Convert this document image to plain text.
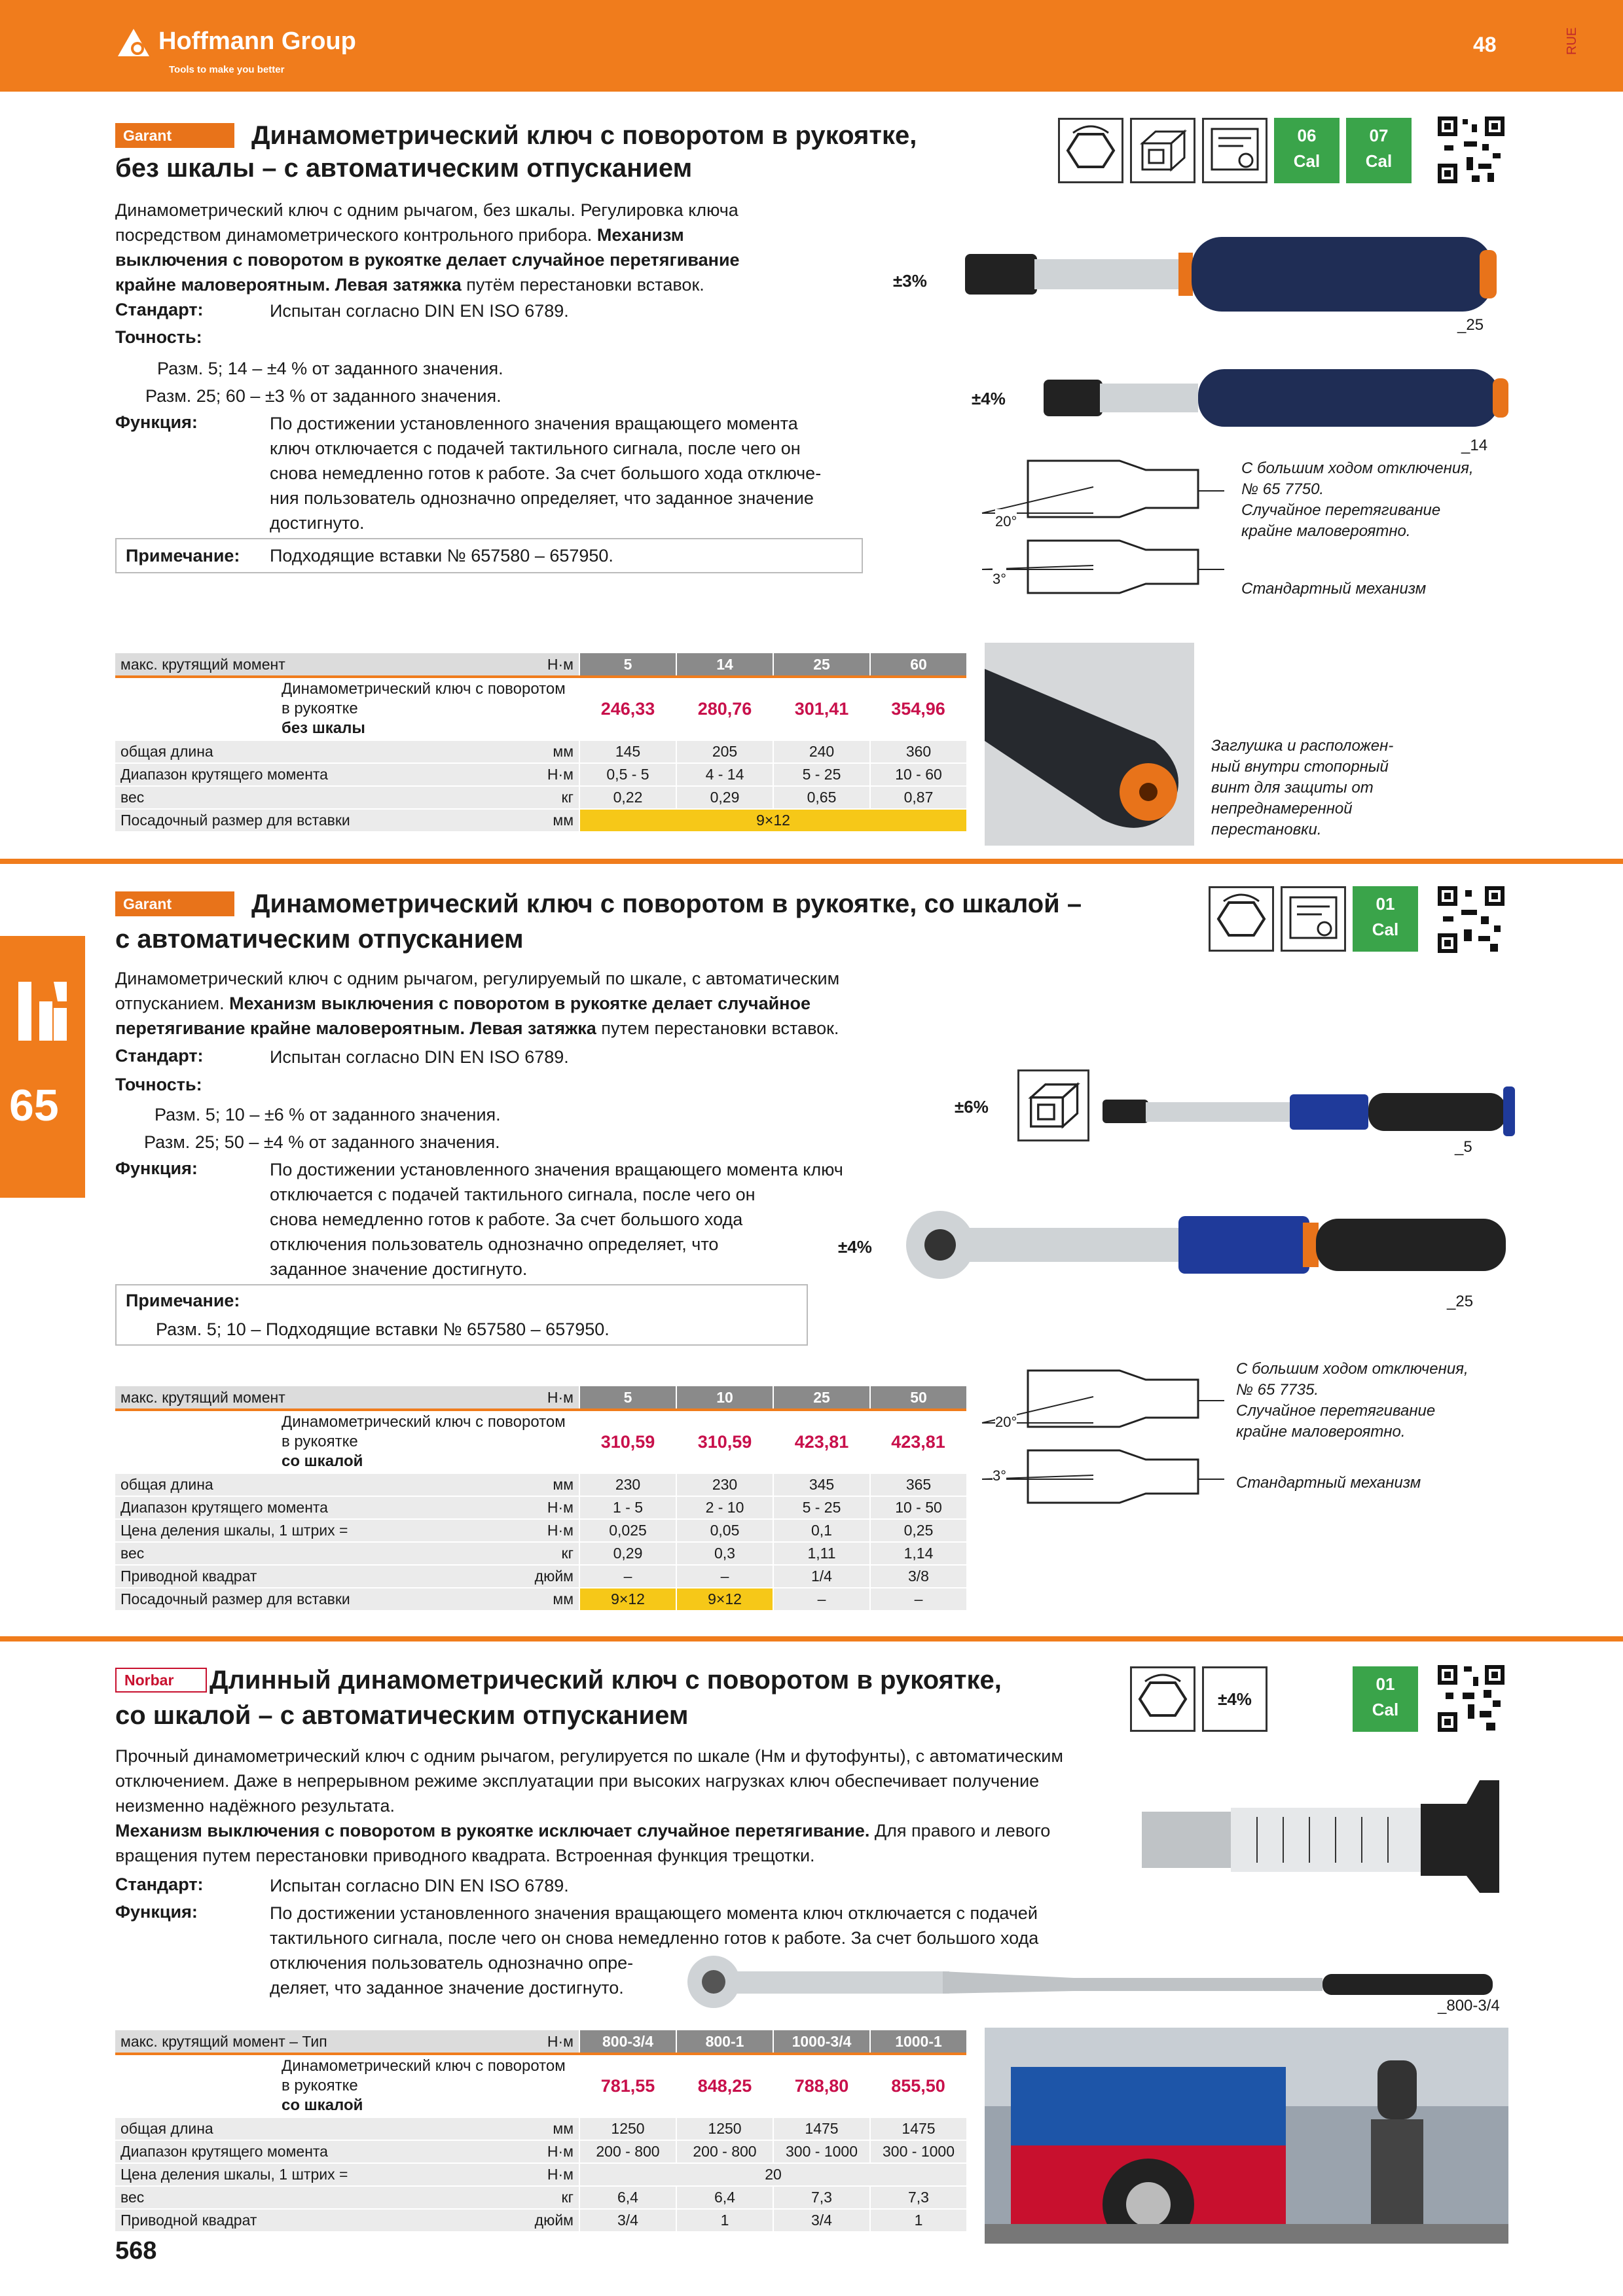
Hoffmann Group
Tools to make you better
48	RUE
65
Garant	Динамометрический ключ с поворотом в рукоятке,
без шкалы – с автоматическим отпусканием
06
Cal
07
Cal
Динамометрический ключ с одним рычагом, без шкалы. Регулировка ключа
посредством динамометрического контрольного прибора. Механизм
выключения с поворотом в рукоятке делает случайное перетягивание
крайне маловероятным. Левая затяжка путём перестановки вставок.
Стандарт:	Испытан согласно DIN EN ISO 6789.
Точность:
Разм. 5; 14 – ±4 % от заданного значения.
Разм. 25; 60 – ±3 % от заданного значения.
Функция:	По достижении установленного значения вращающего момента
ключ отключается с подачей тактильного сигнала, после чего он
снова немедленно готов к работе. За счет большого хода отключе-
ния пользователь однозначно определяет, что заданное значение
достигнуто.
Примечание: Подходящие вставки № 657580 – 657950.
±3%
_25
±4%
_14
20°
3°
С большим ходом отключения,
№ 65 7750.
Случайное перетягивание
крайне маловероятно.
Стандартный механизм
макс. крутящий момент		Н·м	5	14	25	60
61E 65 7750	Динамометрический ключ с поворотом
в рукоятке
без шкалы		246,33	280,76	301,41	354,96
общая длина		мм	145	205	240	360
Диапазон крутящего момента		Н·м	0,5 - 5	4 - 14	5 - 25	10 - 60
вес		кг	0,22	0,29	0,65	0,87
Посадочный размер для вставки		мм	9×12			
Заглушка и расположен-
ный внутри стопорный
винт для защиты от
непреднамеренной
перестановки.
Garant	Динамометрический ключ с поворотом в рукоятке, со шкалой –
с автоматическим отпусканием
01
Cal
Динамометрический ключ с одним рычагом, регулируемый по шкале, с автоматическим
отпусканием. Механизм выключения с поворотом в рукоятке делает случайное
перетягивание крайне маловероятным. Левая затяжка путем перестановки вставок.
Стандарт:	Испытан согласно DIN EN ISO 6789.
Точность:
Разм. 5; 10 – ±6 % от заданного значения.
Разм. 25; 50 – ±4 % от заданного значения.
Функция:	По достижении установленного значения вращающего момента ключ
отключается с подачей тактильного сигнала, после чего он
снова немедленно готов к работе. За счет большого хода
отключения пользователь однозначно определяет, что
заданное значение достигнуто.
Примечание:
Разм. 5; 10 – Подходящие вставки № 657580 – 657950.
±6%
_5
±4%
_25
20°
3°
С большим ходом отключения,
№ 65 7735.
Случайное перетягивание
крайне маловероятно.
Стандартный механизм
макс. крутящий момент		Н·м	5	10	25	50
61E 65 7735	Динамометрический ключ с поворотом
в рукоятке
со шкалой		310,59	310,59	423,81	423,81
общая длина		мм	230	230	345	365
Диапазон крутящего момента		Н·м	1 - 5	2 - 10	5 - 25	10 - 50
Цена деления шкалы, 1 штрих =		Н·м	0,025	0,05	0,1	0,25
вес		кг	0,29	0,3	1,11	1,14
Приводной квадрат		дюйм	–	–	1/4	3/8
Посадочный размер для вставки		мм	9×12	9×12	–	–
Norbar	Длинный динамометрический ключ с поворотом в рукоятке,
со шкалой – с автоматическим отпусканием
±4%
01
Cal
Прочный динамометрический ключ с одним рычагом, регулируется по шкале (Нм и футофунты), с автоматическим
отключением. Даже в непрерывном режиме эксплуатации при высоких нагрузках ключ обеспечивает получение
неизменно надёжного результата.
Механизм выключения с поворотом в рукоятке исключает случайное перетягивание. Для правого и левого
вращения путем перестановки приводного квадрата. Встроенная функция трещотки.
Стандарт:	Испытан согласно DIN EN ISO 6789.
Функция:	По достижении установленного значения вращающего момента ключ отключается с подачей
тактильного сигнала, после чего он снова немедленно готов к работе. За счет большого хода
отключения пользователь однозначно опре-
деляет, что заданное значение достигнуто.
_800-3/4
макс. крутящий момент – Тип		Н·м	800-3/4	800-1	1000-3/4	1000-1
66F 65 7790	Динамометрический ключ с поворотом
в рукоятке
со шкалой		781,55	848,25	788,80	855,50
общая длина		мм	1250	1250	1475	1475
Диапазон крутящего момента		Н·м	200 - 800	200 - 800	300 - 1000	300 - 1000
Цена деления шкалы, 1 штрих =		Н·м	20			
вес		кг	6,4	6,4	7,3	7,3
Приводной квадрат		дюйм	3/4	1	3/4	1
568
